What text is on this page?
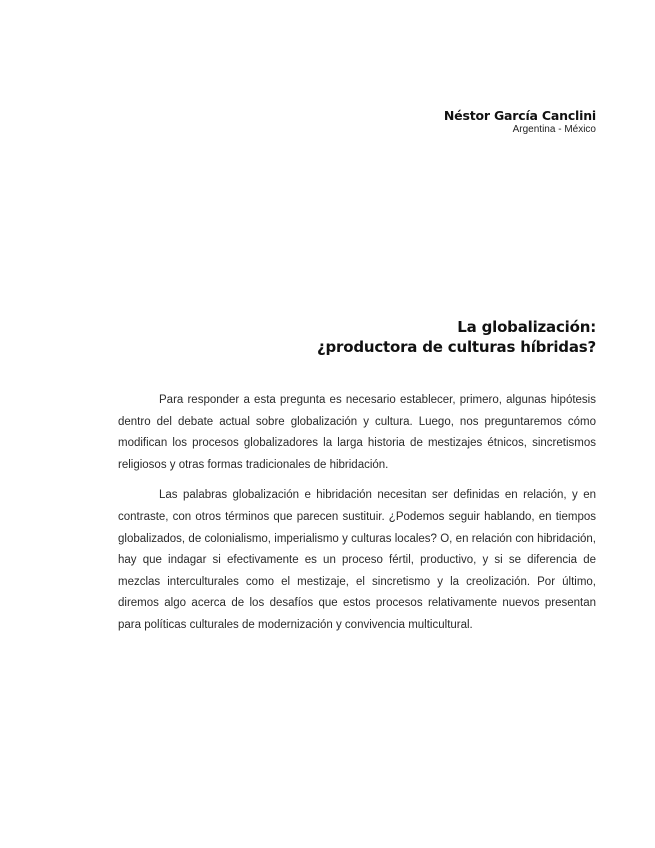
Néstor García Canclini
Argentina - México
La globalización:
¿productora de culturas híbridas?

Para responder a esta pregunta es necesario establecer, primero, algunas hipótesis dentro del debate actual sobre globalización y cultura. Luego, nos preguntaremos cómo modifican los procesos globalizadores la larga historia de mestizajes étnicos, sincretismos religiosos y otras formas tradicionales de hibridación.

Las palabras globalización e hibridación necesitan ser definidas en relación, y en contraste, con otros términos que parecen sustituir. ¿Podemos seguir hablando, en tiempos globalizados, de colonialismo, imperialismo y culturas locales? O, en relación con hibridación, hay que indagar si efectivamente es un proceso fértil, productivo, y si se diferencia de mezclas interculturales como el mestizaje, el sincretismo y la creolización. Por último, diremos algo acerca de los desafíos que estos procesos relativamente nuevos presentan para políticas culturales de modernización y convivencia multicultural.
